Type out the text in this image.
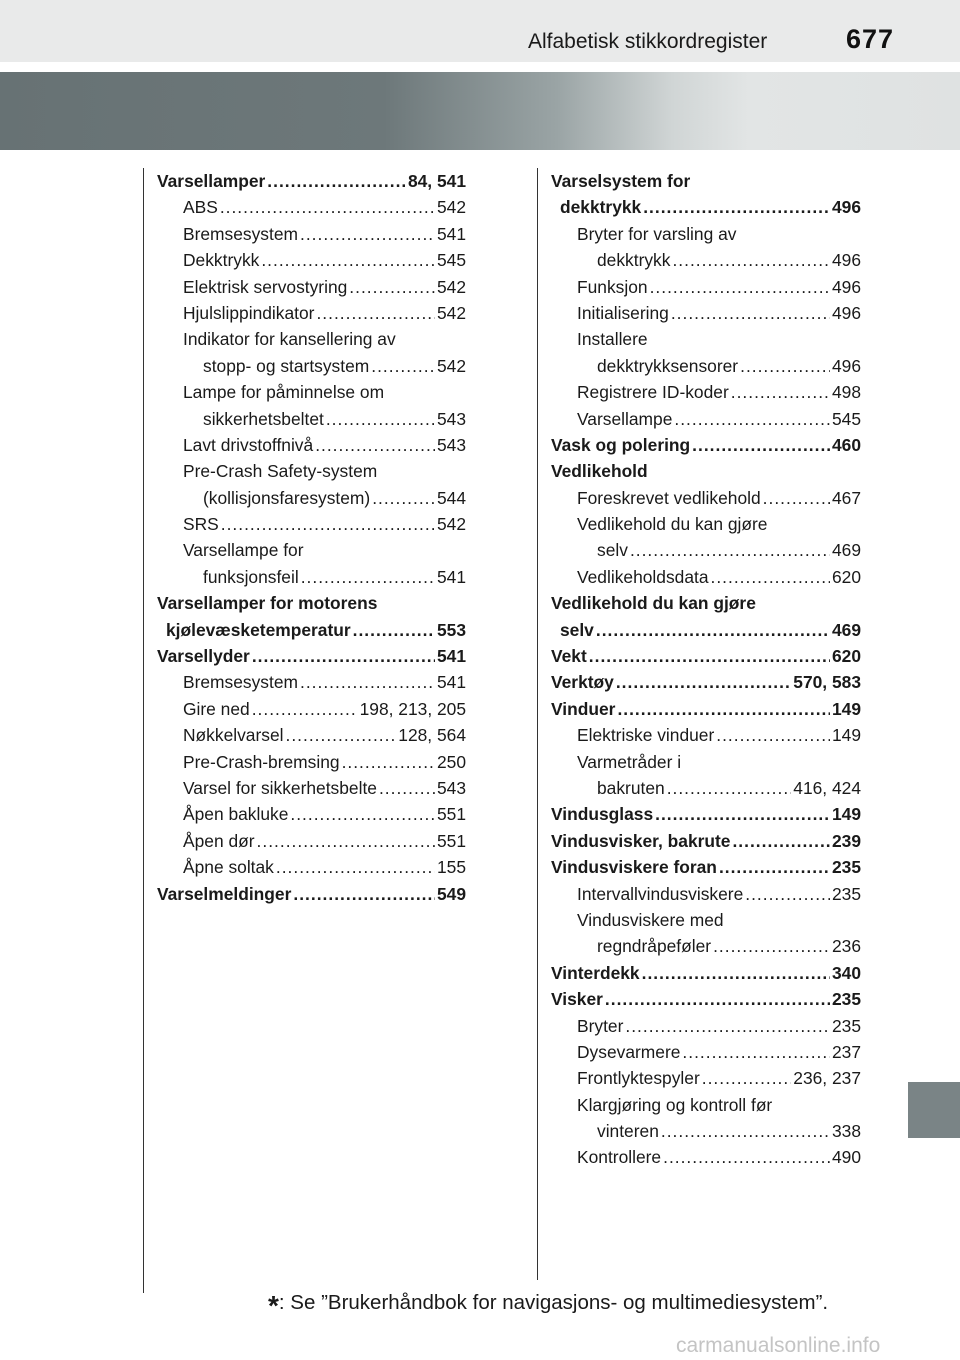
Alfabetisk stikkordregister	677
Varsellamper .....	84, 541
ABS .....	542
Bremsesystem .....	541
Dekktrykk .....	545
Elektrisk servostyring .....	542
Hjulslippindikator .....	542
Indikator for kansellering av
stopp- og startsystem .....	542
Lampe for påminnelse om
sikkerhetsbeltet .....	543
Lavt drivstoffnivå .....	543
Pre-Crash Safety-system
(kollisjonsfaresystem) .....	544
SRS .....	542
Varsellampe for
funksjonsfeil .....	541
Varsellamper for motorens
kjølevæsketemperatur .....	553
Varsellyder .....	541
Bremsesystem .....	541
Gire ned .....	198, 213, 205
Nøkkelvarsel .....	128, 564
Pre-Crash-bremsing .....	250
Varsel for sikkerhetsbelte .....	543
Åpen bakluke .....	551
Åpen dør .....	551
Åpne soltak .....	155
Varselmeldinger .....	549
Varselsystem for
dekktrykk .....	496
Bryter for varsling av
dekktrykk .....	496
Funksjon .....	496
Initialisering .....	496
Installere
dekktrykksensorer .....	496
Registrere ID-koder .....	498
Varsellampe .....	545
Vask og polering .....	460
Vedlikehold
Foreskrevet vedlikehold .....	467
Vedlikehold du kan gjøre
selv .....	469
Vedlikeholdsdata .....	620
Vedlikehold du kan gjøre
selv .....	469
Vekt .....	620
Verktøy .....	570, 583
Vinduer .....	149
Elektriske vinduer .....	149
Varmetråder i
bakruten .....	416, 424
Vindusglass .....	149
Vindusvisker, bakrute .....	239
Vindusviskere foran .....	235
Intervallvindusviskere .....	235
Vindusviskere med
regndråpeføler .....	236
Vinterdekk .....	340
Visker .....	235
Bryter .....	235
Dysevarmere .....	237
Frontlyktespyler .....	236, 237
Klargjøring og kontroll før
vinteren .....	338
Kontrollere .....	490
*: Se ”Brukerhåndbok for navigasjons- og multimediesystem”.
carmanualsonline.info
